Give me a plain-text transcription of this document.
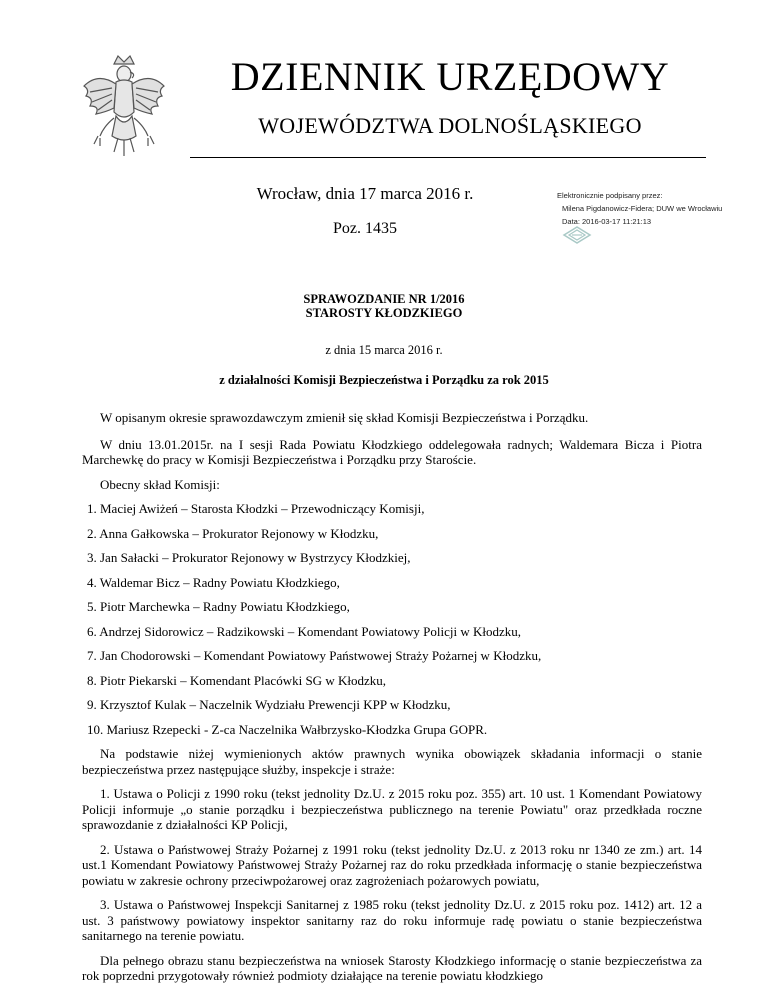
DZIENNIK URZĘDOWY
WOJEWÓDZTWA DOLNOŚLĄSKIEGO
Wrocław, dnia 17 marca 2016 r.
Poz. 1435
Elektronicznie podpisany przez:
Milena Pigdanowicz-Fidera; DUW we Wrocławiu
Data: 2016-03-17 11:21:13
SPRAWOZDANIE NR 1/2016
STAROSTY KŁODZKIEGO
z dnia 15 marca 2016 r.
z działalności Komisji Bezpieczeństwa i Porządku za rok 2015

W opisanym okresie sprawozdawczym zmienił się skład Komisji Bezpieczeństwa i Porządku.

W dniu 13.01.2015r. na I sesji Rada Powiatu Kłodzkiego oddelegowała radnych; Waldemara Bicza i Piotra Marchewkę do pracy w Komisji Bezpieczeństwa i Porządku przy Staroście.

Obecny skład Komisji:

1. Maciej Awiżeń – Starosta Kłodzki – Przewodniczący Komisji,
2. Anna Gałkowska – Prokurator Rejonowy w Kłodzku,
3. Jan Sałacki – Prokurator Rejonowy w Bystrzycy Kłodzkiej,
4. Waldemar Bicz – Radny Powiatu Kłodzkiego,
5. Piotr Marchewka – Radny Powiatu Kłodzkiego,
6. Andrzej Sidorowicz – Radzikowski – Komendant Powiatowy Policji w Kłodzku,
7. Jan Chodorowski – Komendant Powiatowy Państwowej Straży Pożarnej w Kłodzku,
8. Piotr Piekarski – Komendant Placówki SG w Kłodzku,
9. Krzysztof Kulak – Naczelnik Wydziału Prewencji KPP w Kłodzku,
10. Mariusz Rzepecki - Z-ca Naczelnika Wałbrzysko-Kłodzka Grupa GOPR.

Na podstawie niżej wymienionych aktów prawnych wynika obowiązek składania informacji o stanie bezpieczeństwa przez następujące służby, inspekcje i straże:

1. Ustawa o Policji z 1990 roku (tekst jednolity Dz.U. z 2015 roku poz. 355) art. 10 ust. 1 Komendant Powiatowy Policji informuje „o stanie porządku i bezpieczeństwa publicznego na terenie Powiatu" oraz przedkłada roczne sprawozdanie z działalności KP Policji,

2. Ustawa o Państwowej Straży Pożarnej z 1991 roku (tekst jednolity Dz.U. z 2013 roku nr 1340 ze zm.) art. 14 ust.1 Komendant Powiatowy Państwowej Straży Pożarnej raz do roku przedkłada informację o stanie bezpieczeństwa powiatu w zakresie ochrony przeciwpożarowej oraz zagrożeniach pożarowych powiatu,

3. Ustawa o Państwowej Inspekcji Sanitarnej z 1985 roku (tekst jednolity Dz.U. z 2015 roku poz. 1412) art. 12 a ust. 3 państwowy powiatowy inspektor sanitarny raz do roku informuje radę powiatu o stanie bezpieczeństwa sanitarnego na terenie powiatu.

Dla pełnego obrazu stanu bezpieczeństwa na wniosek Starosty Kłodzkiego informację o stanie bezpieczeństwa za rok poprzedni przygotowały również podmioty działające na terenie powiatu kłodzkiego
